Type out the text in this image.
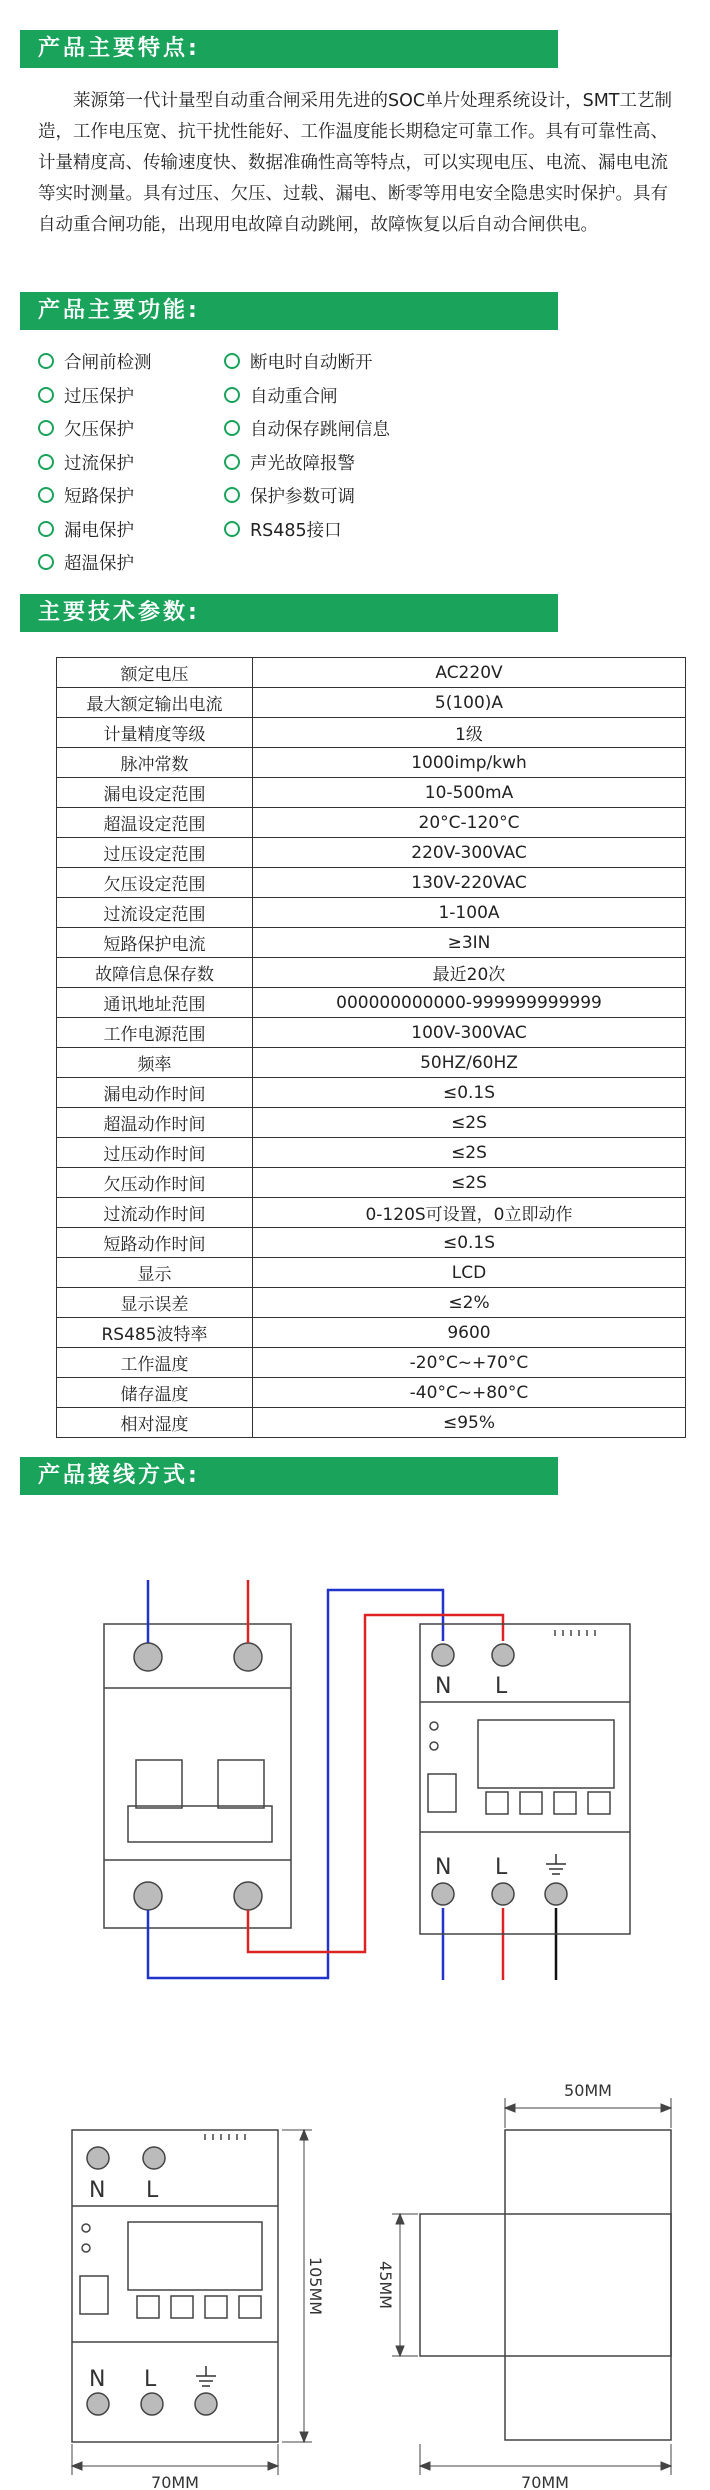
产品主要特点:
莱源第一代计量型自动重合闸采用先进的SOC单片处理系统设计，SMT工艺制造，工作电压宽、抗干扰性能好、工作温度能长期稳定可靠工作。具有可靠性高、计量精度高、传输速度快、数据准确性高等特点，可以实现电压、电流、漏电电流等实时测量。具有过压、欠压、过载、漏电、断零等用电安全隐患实时保护。具有自动重合闸功能，出现用电故障自动跳闸，故障恢复以后自动合闸供电。
产品主要功能:
合闸前检测
过压保护
欠压保护
过流保护
短路保护
漏电保护
超温保护
断电时自动断开
自动重合闸
自动保存跳闸信息
声光故障报警
保护参数可调
RS485接口
主要技术参数:
额定电压	AC220V
最大额定输出电流	5(100)A
计量精度等级	1级
脉冲常数	1000imp/kwh
漏电设定范围	10-500mA
超温设定范围	20°C-120°C
过压设定范围	220V-300VAC
欠压设定范围	130V-220VAC
过流设定范围	1-100A
短路保护电流	≥3IN
故障信息保存数	最近20次
通讯地址范围	000000000000-999999999999
工作电源范围	100V-300VAC
频率	50HZ/60HZ
漏电动作时间	≤0.1S
超温动作时间	≤2S
过压动作时间	≤2S
欠压动作时间	≤2S
过流动作时间	0-120S可设置，0立即动作
短路动作时间	≤0.1S
显示	LCD
显示误差	≤2%
RS485波特率	9600
工作温度	-20°C~+70°C
储存温度	-40°C~+80°C
相对湿度	≤95%
产品接线方式:
N L
N L
N L
N L
105MM
70MM
50MM
45MM
70MM
